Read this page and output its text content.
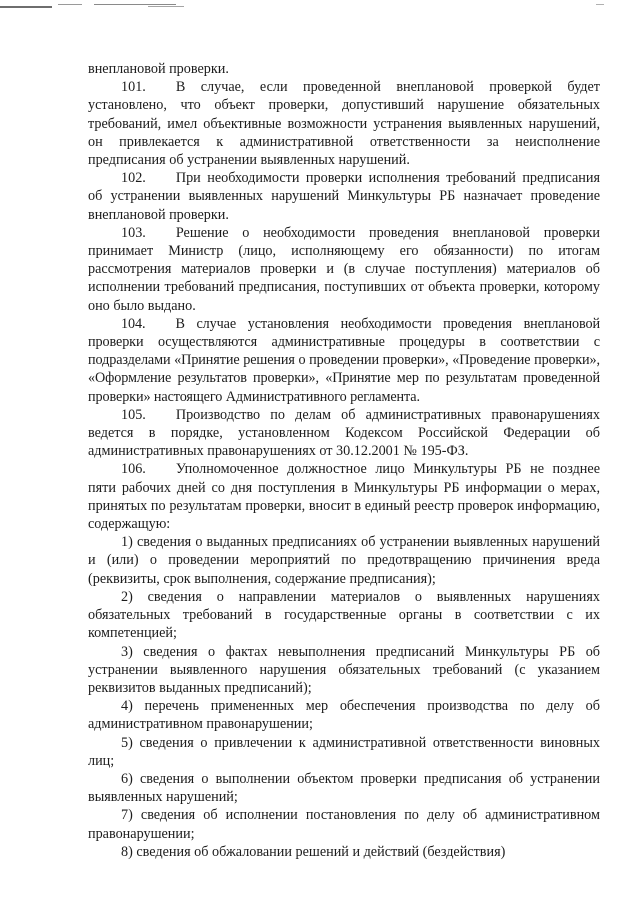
внеплановой проверки.

101. В случае, если проведенной внеплановой проверкой будет установлено, что объект проверки, допустивший нарушение обязательных требований, имел объективные возможности устранения выявленных нарушений, он привлекается к административной ответственности за неисполнение предписания об устранении выявленных нарушений.

102. При необходимости проверки исполнения требований предписания об устранении выявленных нарушений Минкультуры РБ назначает проведение внеплановой проверки.

103. Решение о необходимости проведения внеплановой проверки принимает Министр (лицо, исполняющему его обязанности) по итогам рассмотрения материалов проверки и (в случае поступления) материалов об исполнении требований предписания, поступивших от объекта проверки, которому оно было выдано.

104. В случае установления необходимости проведения внеплановой проверки осуществляются административные процедуры в соответствии с подразделами «Принятие решения о проведении проверки», «Проведение проверки», «Оформление результатов проверки», «Принятие мер по результатам проведенной проверки» настоящего Административного регламента.

105. Производство по делам об административных правонарушениях ведется в порядке, установленном Кодексом Российской Федерации об административных правонарушениях от 30.12.2001 № 195-ФЗ.

106. Уполномоченное должностное лицо Минкультуры РБ не позднее пяти рабочих дней со дня поступления в Минкультуры РБ информации о мерах, принятых по результатам проверки, вносит в единый реестр проверок информацию, содержащую:

1) сведения о выданных предписаниях об устранении выявленных нарушений и (или) о проведении мероприятий по предотвращению причинения вреда (реквизиты, срок выполнения, содержание предписания);

2) сведения о направлении материалов о выявленных нарушениях обязательных требований в государственные органы в соответствии с их компетенцией;

3) сведения о фактах невыполнения предписаний Минкультуры РБ об устранении выявленного нарушения обязательных требований (с указанием реквизитов выданных предписаний);

4) перечень примененных мер обеспечения производства по делу об административном правонарушении;

5) сведения о привлечении к административной ответственности виновных лиц;

6) сведения о выполнении объектом проверки предписания об устранении выявленных нарушений;

7) сведения об исполнении постановления по делу об административном правонарушении;

8) сведения об обжаловании решений и действий (бездействия)
